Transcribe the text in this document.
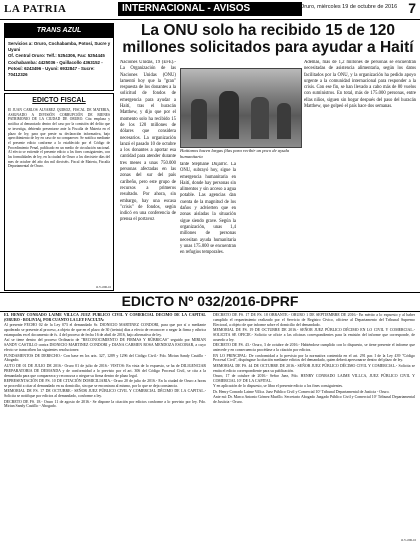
LA PATRIA	INTERNACIONAL - AVISOS	Oruro, miércoles 19 de octubre de 2016 7
TRANS AZUL
Servicios a: Oruro, Cochabamba, Potosí, Sucre y Uyuni
Of. Central Oruro: Telf.: 5254306, Fax: 5254445
Cochabamba: 4425036 - Quillacollo 4363152 -
Potosí: 6243496 - Uyuni: 6932847 - Sucre: 70412326
EDICTO FISCAL
El JUAN CARLOS ÁLVAREZ QUIROZ, FISCAL DE MATERIA, ASIGNADO A DIVISIÓN CORRUPCIÓN DE BIENES PATRIMONIO DE LA CIUDAD DE ORURO. Cita emplaza y notifica al denunciado dentro del caso por la comisión del delito que se investiga, debiendo presentarse ante la Fiscalía de Materia en el plazo de ley, para que preste su declaración informativa, bajo apercibimiento de ley en caso de no comparecer. Se notifica mediante el presente edicto conforme a lo establecido por el Código de Procedimiento Penal, publicado en un medio de circulación nacional. Al efecto se extiende el presente edicto a los fines consiguientes, con las formalidades de ley, en la ciudad de Oruro a los diecisiete días del mes de octubre del año dos mil dieciséis. Fiscal de Materia, Fiscalía Departamental de Oruro.
O.V.-096-16
La ONU solo ha recibido 15 de 120 millones solicitados para ayudar a Haití
Naciones Unidas, 19 (EFE).- La Organización de las Naciones Unidas (ONU) lamentó hoy que la "gran" respuesta de los donantes a la solicitud de fondos de emergencia para ayudar a Haití, tras el huracán Matthew, y dijo que por el momento solo ha recibido 15 de los 120 millones de dólares que considera necesarios. La organización lanzó el pasado 10 de octubre a los donantes a aportar esa cantidad para atender durante tres meses a unas 750.000 personas afectadas en las zonas del sur del país caribeño, pero este grupo de recursos a primeros resultado. Por ahora, sin embargo, hay una escasa "crisis" de fondos, según indicó en una conferencia de prensa el portavoz
Haitianos hacen largas filas para recibir un poco de ayuda humanitaria
tante Stephane Dujarric. La ONU, subrayó hoy, sigue la emergencia humanitaria en Haití, donde hay personas sin alimentos y sin acceso a agua potable. Las agencias dan cuenta de la magnitud de los daños y advierten que en zonas aisladas la situación sigue siendo grave. Según la organización, unas 1,4 millones de personas necesitan ayuda humanitaria y unas 175.000 se encuentran en refugios temporales.
Además, más de 1,2 millones de personas se encuentran necesitadas de asistencia alimentaria, según los datos facilitados por la ONU, y la organización ha pedido apoyo urgente a la comunidad internacional para responder a la crisis. Con ese fin, se han llevado a cabo más de 80 vuelos con suministros. En total, más de 175.000 personas, entre ellas niños, siguen sin hogar después del paso del huracán Matthew, que golpeó el país hace dos semanas.
EDICTO Nº 032/2016-DPRF

EL HENRY CONRADO LAIME VILLCA JUEZ PÚBLICO CIVIL Y COMERCIAL DÉCIMO DE LA CAPITAL (ORURO - BOLIVIA), POR CUANTO LA LEY FACULTA:

Al presente FECHO 02 de la Ley 073 el demandado Sr. DIONICIO MARTINEZ CONDORI, para que por sí o mediante apoderado se presente al proceso, a objeto de que en el plazo de 30 (treinta) días a efecto de reconocer o negar la firma y rúbrica estampadas en el documento de fs. 4 del proceso de fecha 16 de abril de 2016, bajo alternativa de ley.

Así se tiene dentro del proceso Ordinario de "RECONOCIMIENTO DE FIRMAS Y RÚBRICAS" seguido por MIRIAN SANDY CASTILLO contra DIONICIO MARTINEZ CONDORI y DIANA CARMEN ROSA MENDOZA ESCOBAR, a cuyo efecto se transcriben las siguientes resoluciones:

FUNDAMENTOS DE DERECHO.- Con base en los arts. 327, 1289 y 1296 del Código Civil.- Fdo. Mirian Sandy Castillo - Abogado.

AUTO DE 01 DE JULIO DE 2016.- Oruro 01 de julio de 2016.- VISTOS: En vista de lo expuesto, se ha de DILIGENCIAR PREPARATORIA DE DEMANDA y de conformidad a lo previsto por el art. 306 del Código Procesal Civil, se cita a la demandada para que comparezca y reconozca o niegue su firma dentro de plazo legal.

REPRESENTACIÓN DE FS. 10 DE CITACIÓN DOMICILIARIA.- Oruro 20 de julio de 2016.- En la ciudad de Oruro a horas se procedió a citar al demandado en su domicilio, sin que se encontrara al mismo, por lo que se deja constancia.

MEMORIAL DE FS. 17 DE OCTUBRE.- SEÑOR JUEZ PÚBLICO CIVIL Y COMERCIAL DÉCIMO DE LA CAPITAL.- Solicita se notifique por edictos al demandado, conforme a ley.

DECRETO DE FS. 18.- Oruro 11 de agosto de 2016.- Se dispone la citación por edictos conforme a lo previsto por ley. Fdo. Mirian Sandy Castillo - Abogado.

DECRETO DE FS. 17 DE FS. 18 OBRANTE.- ORURO 1 DE SEPTIEMBRE DE 2016.- En mérito a lo expuesto y al haber cumplido el requerimiento realizado por el Servicio de Registro Cívico, ofíciese al Departamento del Tribunal Supremo Electoral, a objeto de que informe sobre el domicilio del demandado.

MEMORIAL DE FS. 19 DE OCTUBRE DE 2016.- SEÑOR JUEZ PÚBLICO DÉCIMO EN LO CIVIL Y COMERCIAL.- SOLICITA SE OFICIE.- Solicito se oficie a las oficinas correspondientes para la emisión del informe que corresponde, de acuerdo a ley.

DECRETO DE FS. 43.- Oruro, 3 de octubre de 2016.- Habiéndose cumplido con lo dispuesto, se tiene presente el informe que antecede y en consecuencia procédase a la citación por edictos.

EN LO PRINCIPAL: De conformidad a lo previsto por la normativa contenida en el art. 291 par. I de la Ley 439 "Código Procesal Civil", dispóngase la citación mediante edictos del demandado, quien deberá apersonarse dentro del plazo de ley.

MEMORIAL DE FS. 44 DE OCTUBRE DE 2016.- SEÑOR JUEZ PÚBLICO DÉCIMO CIVIL Y COMERCIAL.- Solicita se emita el edicto correspondiente para su publicación.

Oruro, 17 de octubre de 2016.- Señor Juez, Fdo. HENRY CONRADO LAIME VILLCA, JUEZ PÚBLICO CIVIL Y COMERCIAL 10º DE LA CAPITAL.

Y en aplicación de lo dispuesto, se libra el presente edicto a los fines consiguientes.

Dr. Henry Conrado Laime Villca. Juez Público Civil y Comercial 10º Tribunal Departamental de Justicia - Oruro.

Ante mí: Dr. Marco Antonio Gómez Murillo. Secretario Abogado Juzgado Público Civil y Comercial 10º Tribunal Departamental de Justicia - Oruro.

O.V.-096-16
